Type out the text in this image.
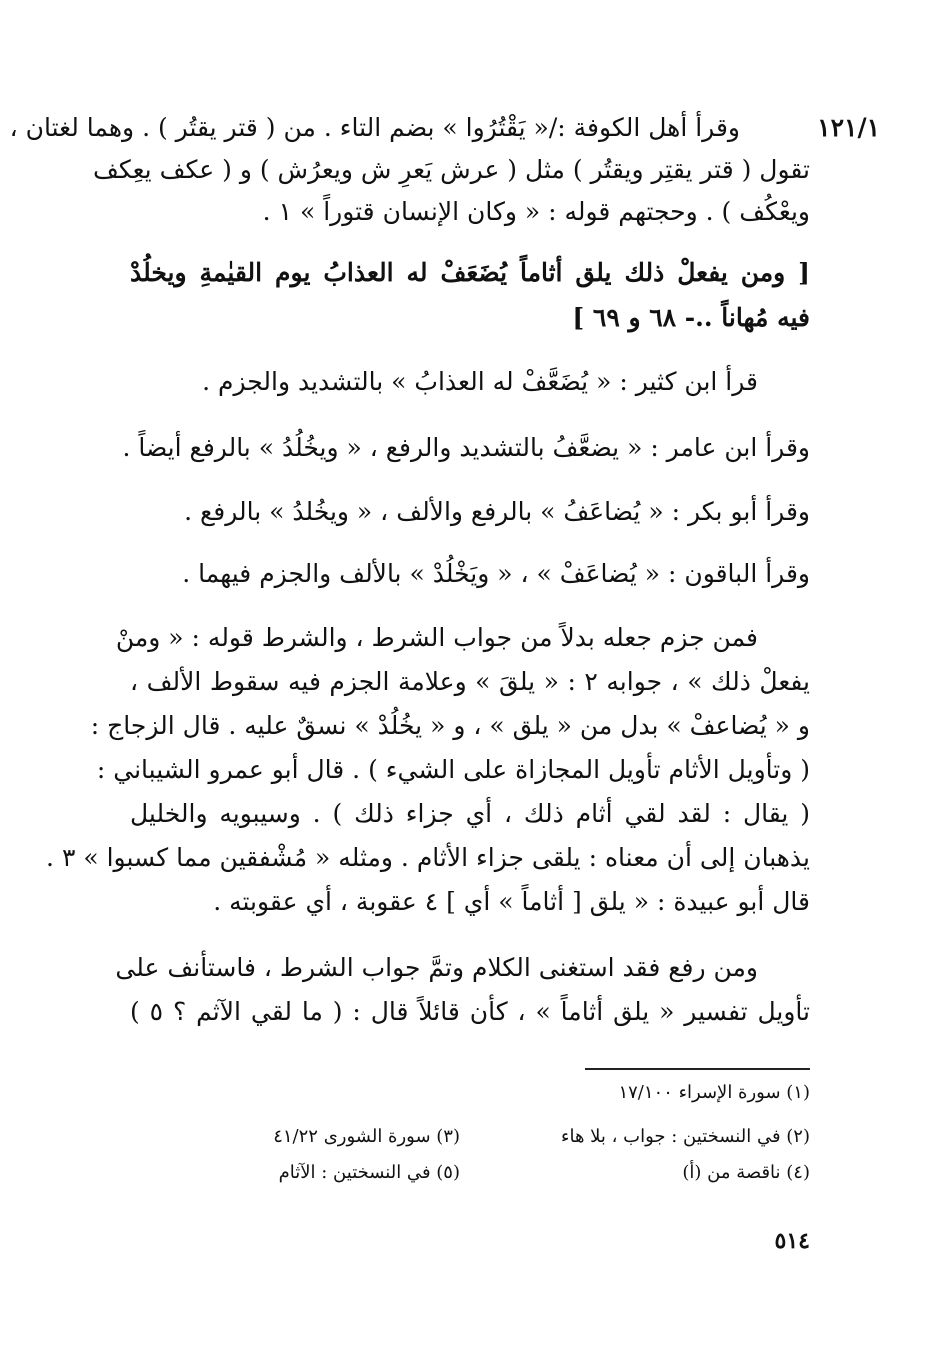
١٢١/١
وقرأ أهل الكوفة :/« يَقْتُرُوا » بضم التاء . من ( قتر يقتُر ) . وهما لغتان ،
تقول ( قتر يقتِر ويقتُر ) مثل ( عرش يَعرِ ش ويعرُش ) و ( عكف يعِكف
ويعْكُف ) . وحجتهم قوله : « وكان الإنسان قتوراً » ١ .
[ ومن يفعلْ ذلك يلق أثاماً يُضَعَفْ له العذابُ يوم القيٰمةِ ويخلُدْ
فيه مُهاناً ..- ٦٨ و ٦٩ ]
قرأ ابن كثير : « يُضَعَّفْ له العذابُ » بالتشديد والجزم .
وقرأ ابن عامر : « يضعَّفُ بالتشديد والرفع ، « ويخُلُدُ » بالرفع أيضاً .
وقرأ أبو بكر : « يُضاعَفُ » بالرفع والألف ، « ويخُلدُ » بالرفع .
وقرأ الباقون : « يُضاعَفْ » ، « ويَخْلُدْ » بالألف والجزم فيهما .
فمن جزم جعله بدلاً من جواب الشرط ، والشرط قوله : « ومنْ
يفعلْ ذلك » ، جوابه ٢ : « يلقَ » وعلامة الجزم فيه سقوط الألف ،
و « يُضاعفْ » بدل من « يلق » ، و « يخُلُدْ » نسقٌ عليه . قال الزجاج :
( وتأويل الأثام تأويل المجازاة على الشيء ) . قال أبو عمرو الشيباني :
( يقال : لقد لقي أثام ذلك ، أي جزاء ذلك ) . وسيبويه والخليل
يذهبان إلى أن معناه : يلقى جزاء الأثام . ومثله « مُشْفقين مما كسبوا » ٣ .
قال أبو عبيدة : « يلق [ أثاماً » أي ] ٤ عقوبة ، أي عقوبته .
ومن رفع فقد استغنى الكلام وتمَّ جواب الشرط ، فاستأنف على
تأويل تفسير « يلق أثاماً » ، كأن قائلاً قال : ( ما لقي الآثم ؟ ٥ )
(١) سورة الإسراء ١٧/١٠٠
(٢) في النسختين : جواب ، بلا هاء
(٣) سورة الشورى ٤١/٢٢
(٤) ناقصة من (أ)
(٥) في النسختين : الآثام
٥١٤
